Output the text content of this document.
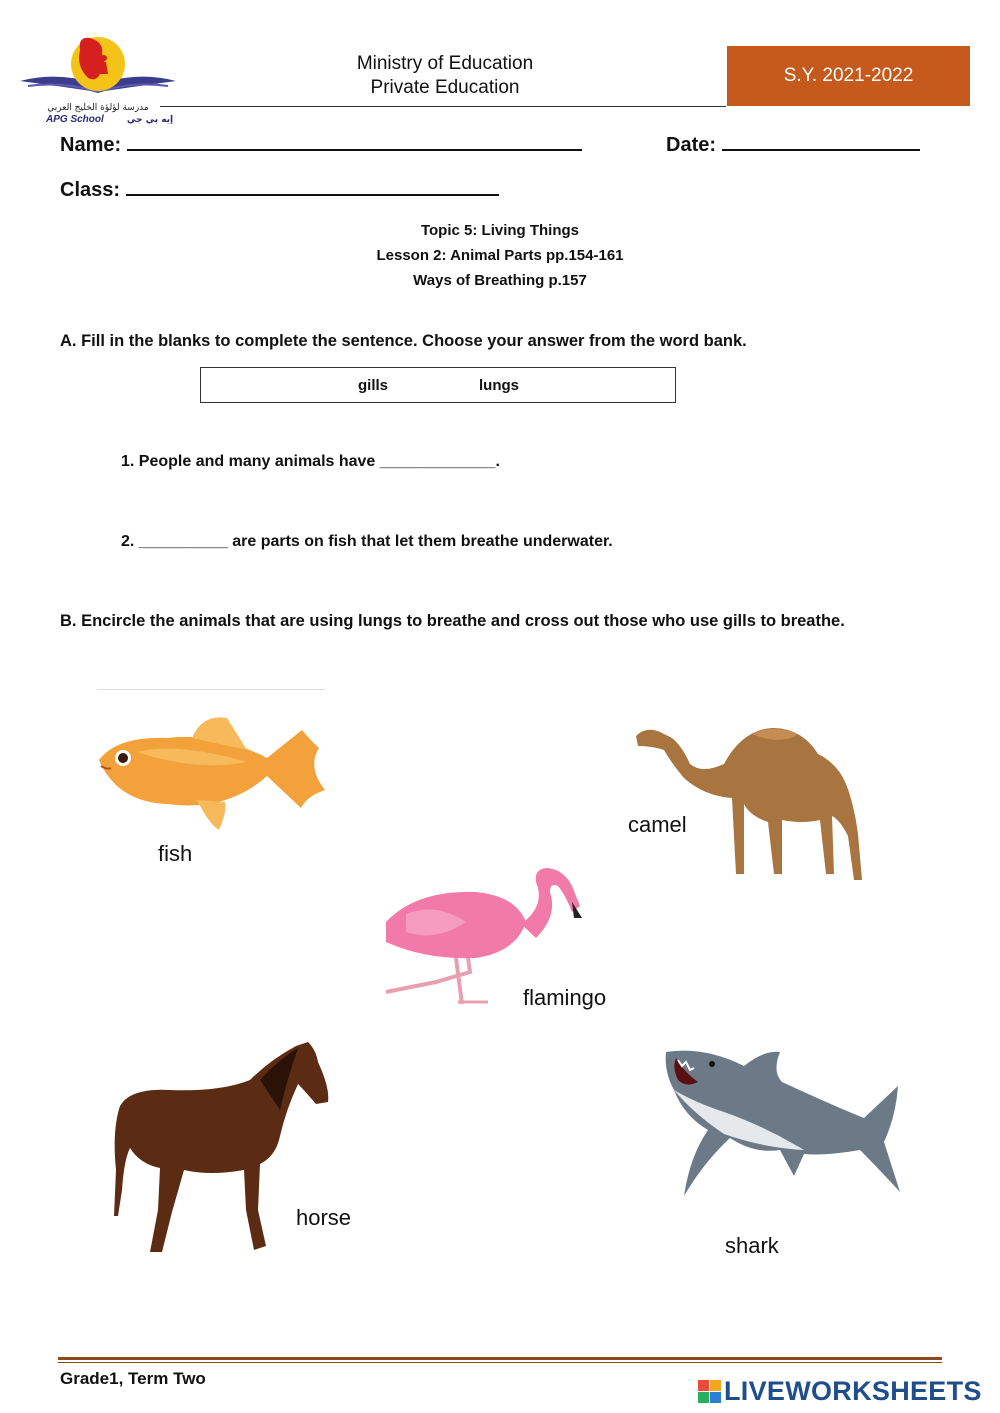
مدرسة لؤلؤة الخليج العربي
APG School	إيه بي جي
Ministry of Education
Private Education
S.Y. 2021-2022
Name:	Date:
Class:
Topic 5: Living Things
Lesson 2: Animal Parts pp.154-161
Ways of Breathing p.157
A. Fill in the blanks to complete the sentence. Choose your answer from the word bank.
gills	lungs
1. People and many animals have _____________.
2. __________ are parts on fish that let them breathe underwater.
B. Encircle the animals that are using lungs to breathe and cross out those who use gills to breathe.
fish
camel
flamingo
horse
shark
Grade1, Term Two	LIVEWORKSHEETS
